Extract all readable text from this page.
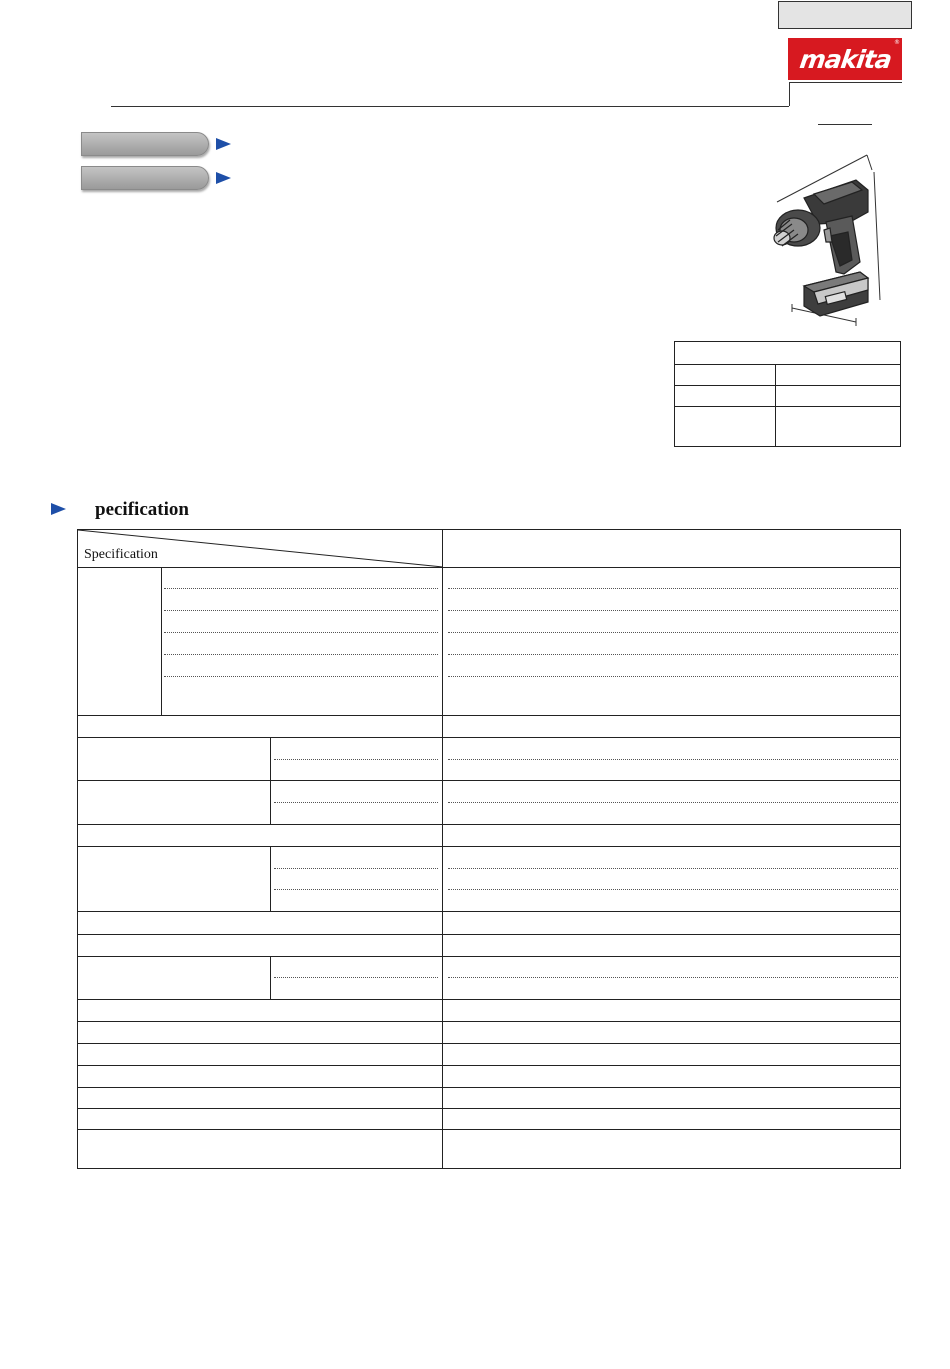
makita
®

pecification
Specification
